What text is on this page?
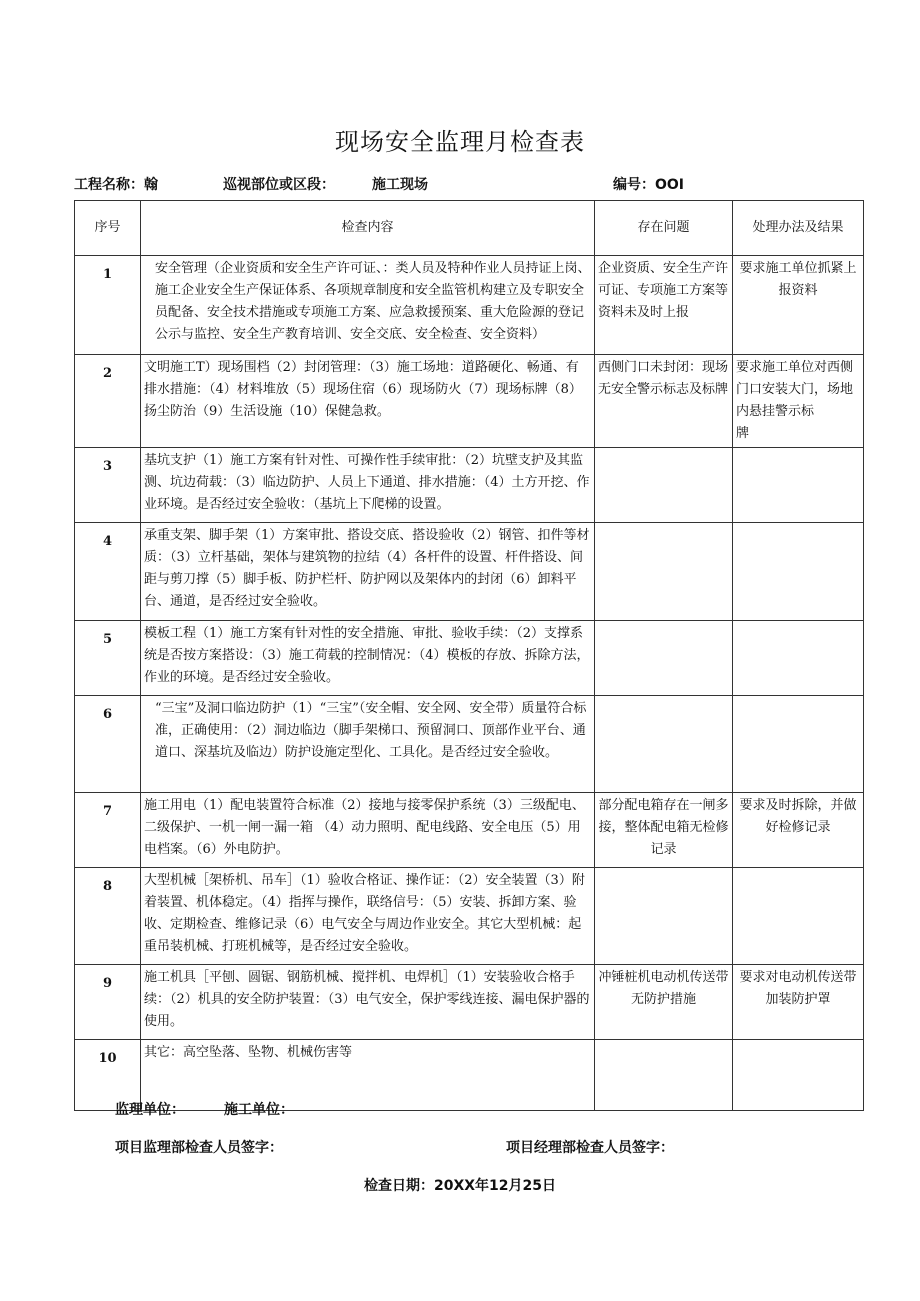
现场安全监理月检查表
工程名称：翰	巡视部位或区段：	施工现场	编号：OOI
序号	检查内容	存在问题	处理办法及结果
1	安全管理（企业资质和安全生产许可证、：类人员及特种作业人员持证上岗、施工企业安全生产保证体系、各项规章制度和安全监管机构建立及专职安全员配备、安全技术措施或专项施工方案、应急救援预案、重大危险源的登记公示与监控、安全生产教育培训、安全交底、安全检查、安全资料）	企业资质、安全生产许可证、专项施工方案等资料未及时上报	要求施工单位抓紧上报资料
2	文明施工T）现场围档（2）封闭管理：（3）施工场地：道路硬化、畅通、有排水措施：（4）材料堆放（5）现场住宿（6）现场防火（7）现场标牌（8）扬尘防治（9）生活设施（10）保健急救。	西侧门口未封闭：现场无安全警示标志及标牌	要求施工单位对西侧门口安装大门，场地内悬挂警示标
牌
3	基坑支护（1）施工方案有针对性、可操作性手续审批：（2）坑壁支护及其监测、坑边荷载：（3）临边防护、人员上下通道、排水措施：（4）土方开挖、作业环境。是否经过安全验收：（基坑上下爬梯的设置。		
4	承重支架、脚手架（1）方案审批、搭设交底、搭设验收（2）钢管、扣件等材质：（3）立杆基础，架体与建筑物的拉结（4）各杆件的设置、杆件搭设、间距与剪刀撑（5）脚手板、防护栏杆、防护网以及架体内的封闭（6）卸料平台、通道，是否经过安全验收。		
5	模板工程（1）施工方案有针对性的安全措施、审批、验收手续：（2）支撑系统是否按方案搭设：（3）施工荷载的控制情况：（4）模板的存放、拆除方法，作业的环境。是否经过安全验收。		
6	“三宝”及洞口临边防护（1）“三宝”（安全帽、安全网、安全带）质量符合标准，正确使用：（2）洞边临边（脚手架梯口、预留洞口、顶部作业平台、通道口、深基坑及临边）防护设施定型化、工具化。是否经过安全验收。		
7	施工用电（1）配电装置符合标准（2）接地与接零保护系统（3）三级配电、二级保护、一机一闸一漏一箱 （4）动力照明、配电线路、安全电压（5）用电档案。（6）外电防护。	部分配电箱存在一闸多接，整体配电箱无检修记录	要求及时拆除，并做好检修记录
8	大型机械［架桥机、吊车］（1）验收合格证、操作证：（2）安全装置（3）附着装置、机体稳定。（4）指挥与操作，联络信号：（5）安装、拆卸方案、验收、定期检查、维修记录（6）电气安全与周边作业安全。其它大型机械：起重吊装机械、打班机械等，是否经过安全验收。		
9	施工机具［平刨、圆锯、钢筋机械、搅拌机、电焊机］（1）安装验收合格手续：（2）机具的安全防护装置：（3）电气安全，保护零线连接、漏电保护器的使用。	冲锤桩机电动机传送带无防护措施	要求对电动机传送带加装防护罩
10	其它：高空坠落、坠物、机械伤害等		
监理单位：	施工单位：
项目监理部检查人员签字：	项目经理部检查人员签字：
检查日期：20XX年12月25日
